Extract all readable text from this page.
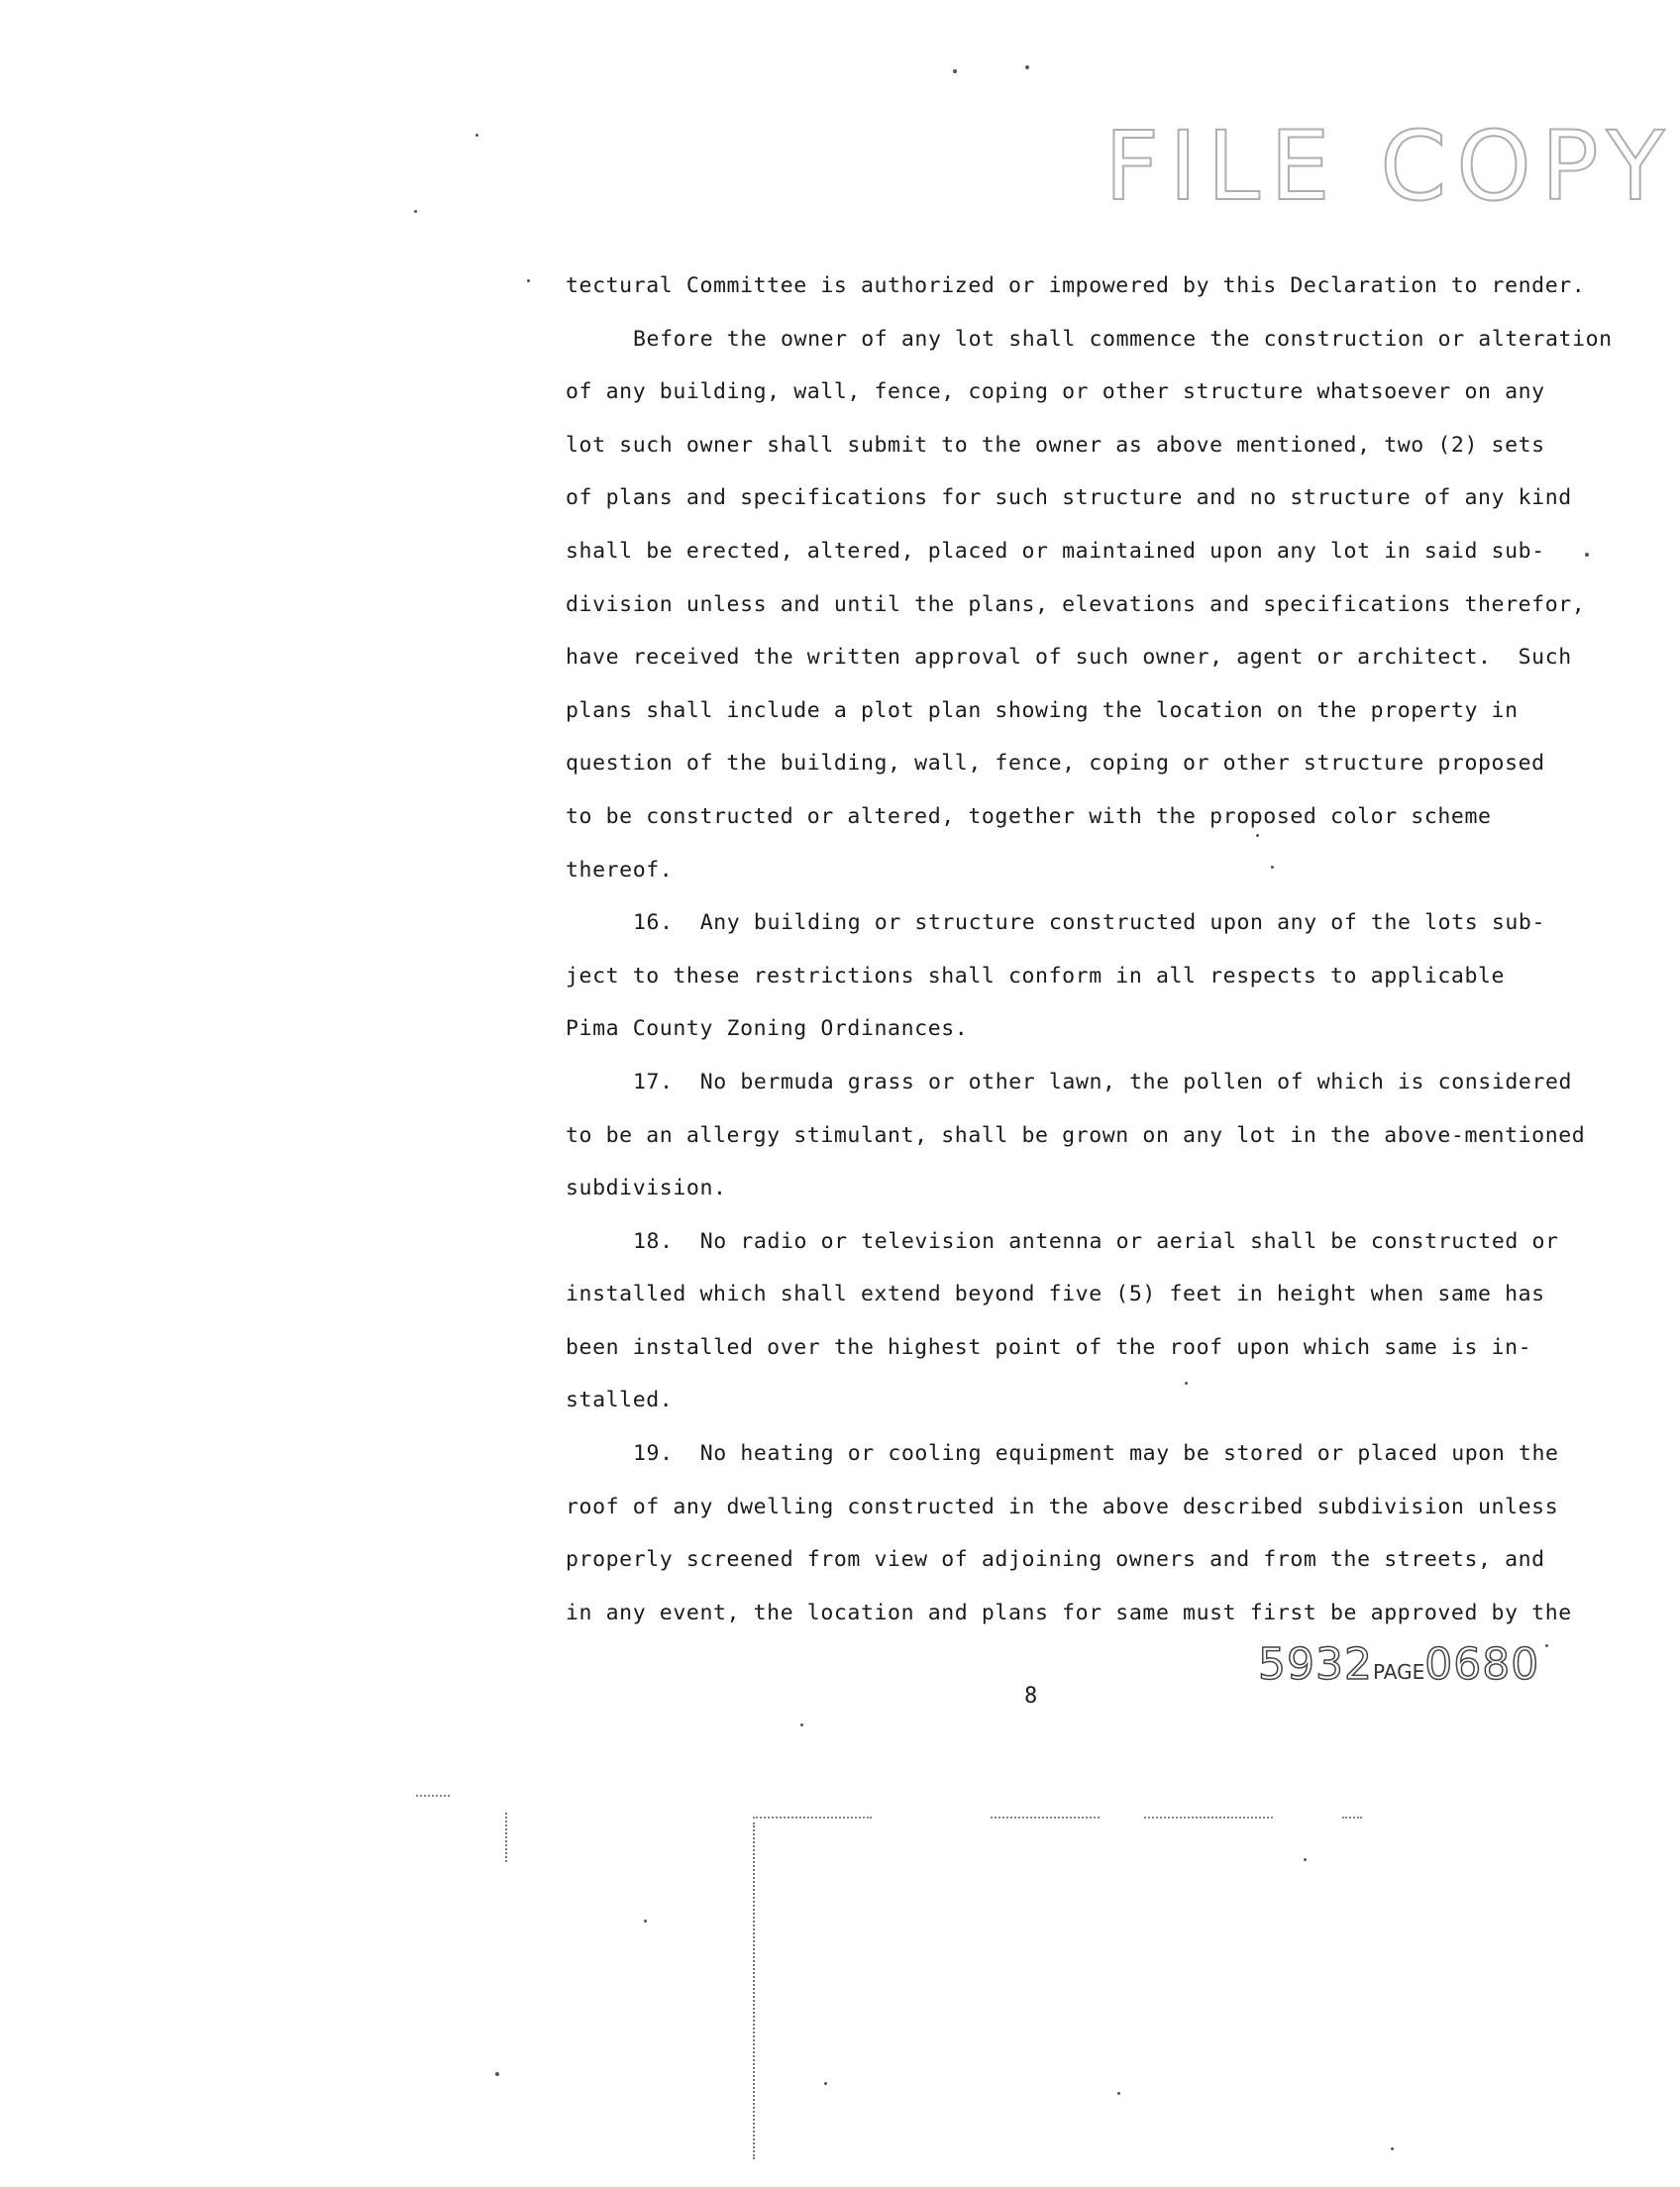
FILE COPY
tectural Committee is authorized or impowered by this Declaration to render.
Before the owner of any lot shall commence the construction or alteration
of any building, wall, fence, coping or other structure whatsoever on any
lot such owner shall submit to the owner as above mentioned, two (2) sets
of plans and specifications for such structure and no structure of any kind
shall be erected, altered, placed or maintained upon any lot in said sub-
division unless and until the plans, elevations and specifications therefor,
have received the written approval of such owner, agent or architect.  Such
plans shall include a plot plan showing the location on the property in
question of the building, wall, fence, coping or other structure proposed
to be constructed or altered, together with the proposed color scheme
thereof.
16.  Any building or structure constructed upon any of the lots sub-
ject to these restrictions shall conform in all respects to applicable
Pima County Zoning Ordinances.
17.  No bermuda grass or other lawn, the pollen of which is considered
to be an allergy stimulant, shall be grown on any lot in the above-mentioned
subdivision.
18.  No radio or television antenna or aerial shall be constructed or
installed which shall extend beyond five (5) feet in height when same has
been installed over the highest point of the roof upon which same is in-
stalled.
19.  No heating or cooling equipment may be stored or placed upon the
roof of any dwelling constructed in the above described subdivision unless
properly screened from view of adjoining owners and from the streets, and
in any event, the location and plans for same must first be approved by the
5932PAGE0680
8
